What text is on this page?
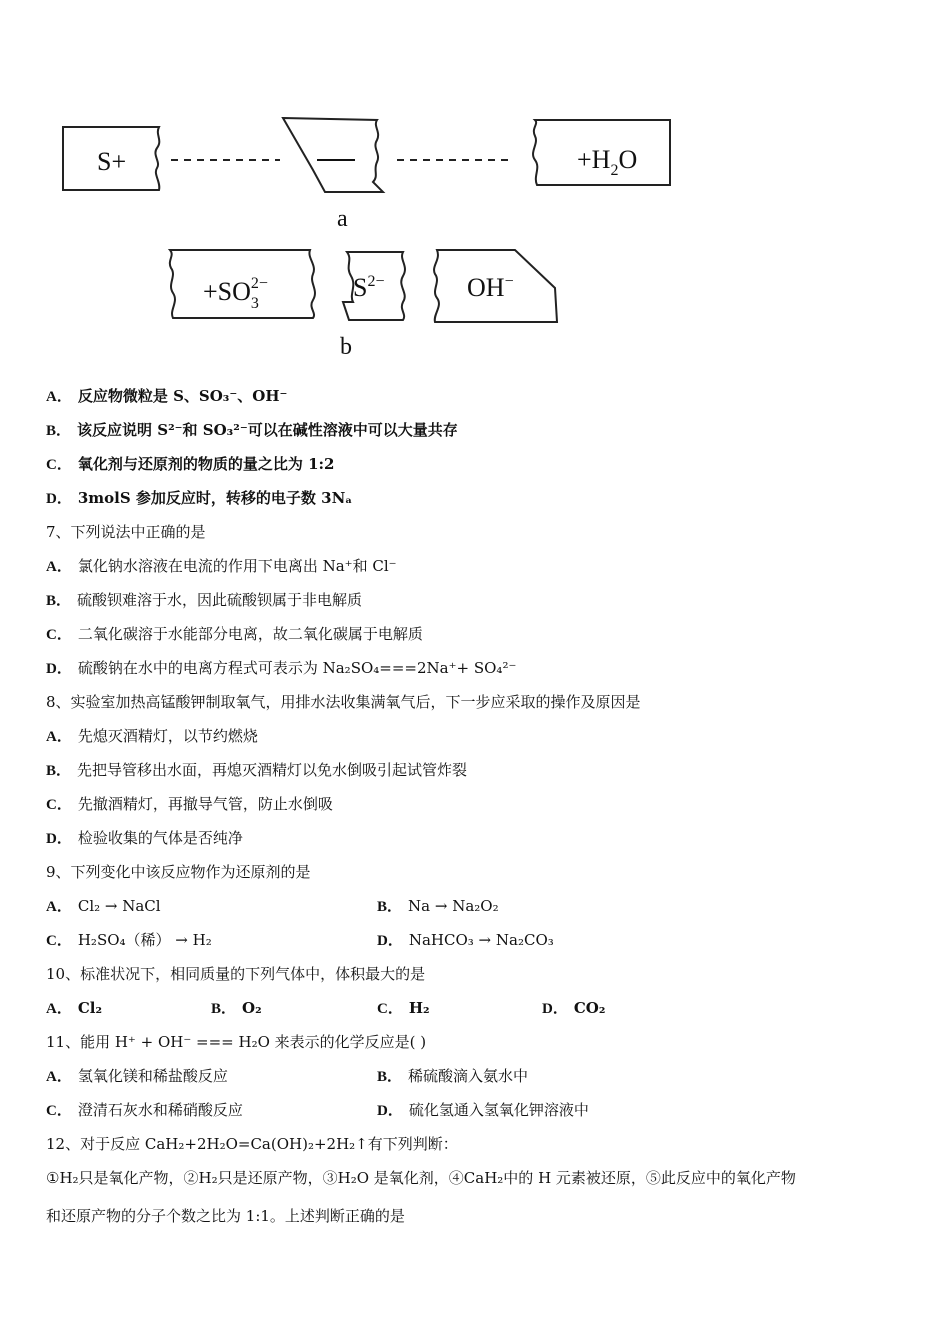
S+	$+H_2O$
$+SO_32-$	$S^{2-}$	OH−
a
b
A． 反应物微粒是 S、SO₃⁻、OH⁻
B． 该反应说明 S²⁻和 SO₃²⁻可以在碱性溶液中可以大量共存
C． 氧化剂与还原剂的物质的量之比为 1:2
D． 3molS 参加反应时，转移的电子数 3Nₐ
7、下列说法中正确的是
A． 氯化钠水溶液在电流的作用下电离出 Na⁺和 Cl⁻
B． 硫酸钡难溶于水，因此硫酸钡属于非电解质
C． 二氧化碳溶于水能部分电离，故二氧化碳属于电解质
D． 硫酸钠在水中的电离方程式可表示为 Na₂SO₄===2Na⁺+ SO₄²⁻
8、实验室加热高锰酸钾制取氧气，用排水法收集满氧气后，下一步应采取的操作及原因是
A． 先熄灭酒精灯，以节约燃烧
B． 先把导管移出水面，再熄灭酒精灯以免水倒吸引起试管炸裂
C． 先撤酒精灯，再撤导气管，防止水倒吸
D． 检验收集的气体是否纯净
9、下列变化中该反应物作为还原剂的是
A． Cl₂ → NaCl	B． Na → Na₂O₂
C． H₂SO₄（稀） → H₂	D． NaHCO₃ → Na₂CO₃
10、标准状况下，相同质量的下列气体中，体积最大的是
A． Cl₂	B． O₂	C． H₂	D． CO₂
11、能用 H⁺ + OH⁻ === H₂O 来表示的化学反应是( )
A． 氢氧化镁和稀盐酸反应	B． 稀硫酸滴入氨水中
C． 澄清石灰水和稀硝酸反应	D． 硫化氢通入氢氧化钾溶液中
12、对于反应 CaH₂+2H₂O=Ca(OH)₂+2H₂↑有下列判断：
①H₂只是氧化产物，②H₂只是还原产物，③H₂O 是氧化剂，④CaH₂中的 H 元素被还原，⑤此反应中的氧化产物
和还原产物的分子个数之比为 1:1。上述判断正确的是
